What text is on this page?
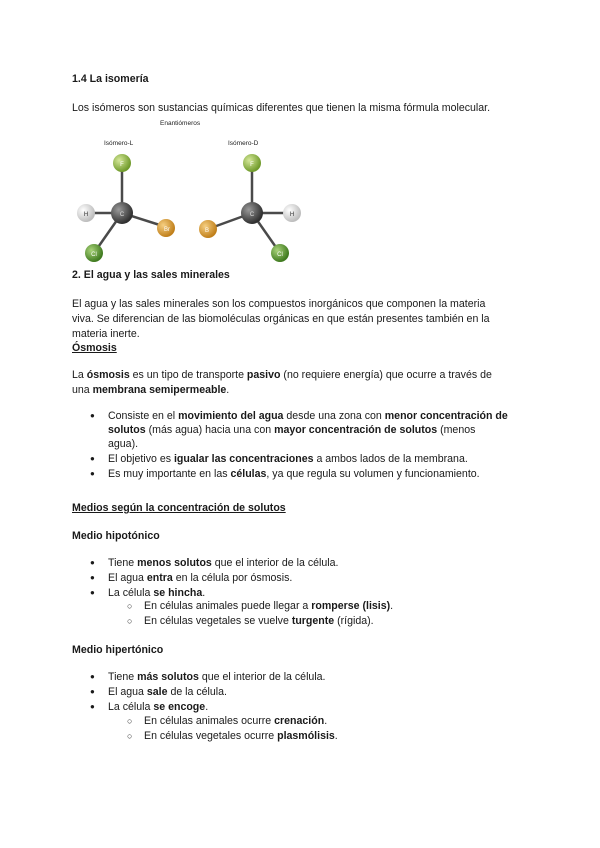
1.4 La isomería
Los isómeros son sustancias químicas diferentes que tienen la misma fórmula molecular.
Enantiómeros
Isómero-L	Isómero-D
F
H	C
Br
Cl
F
B
C	H
Cl
2. El agua y las sales minerales
El agua y las sales minerales son los compuestos inorgánicos que componen la materia
viva. Se diferencian de las biomoléculas orgánicas en que están presentes también en la
materia inerte.
Ósmosis
La ósmosis es un tipo de transporte pasivo (no requiere energía) que ocurre a través de
una membrana semipermeable.
● Consiste en el movimiento del agua desde una zona con menor concentración de
solutos (más agua) hacia una con mayor concentración de solutos (menos
agua).
● El objetivo es igualar las concentraciones a ambos lados de la membrana.
● Es muy importante en las células, ya que regula su volumen y funcionamiento.
Medios según la concentración de solutos
Medio hipotónico
● Tiene menos solutos que el interior de la célula.
● El agua entra en la célula por ósmosis.
● La célula se hincha.
○ En células animales puede llegar a romperse (lisis).
○ En células vegetales se vuelve turgente (rígida).
Medio hipertónico
● Tiene más solutos que el interior de la célula.
● El agua sale de la célula.
● La célula se encoge.
○ En células animales ocurre crenación.
○ En células vegetales ocurre plasmólisis.
